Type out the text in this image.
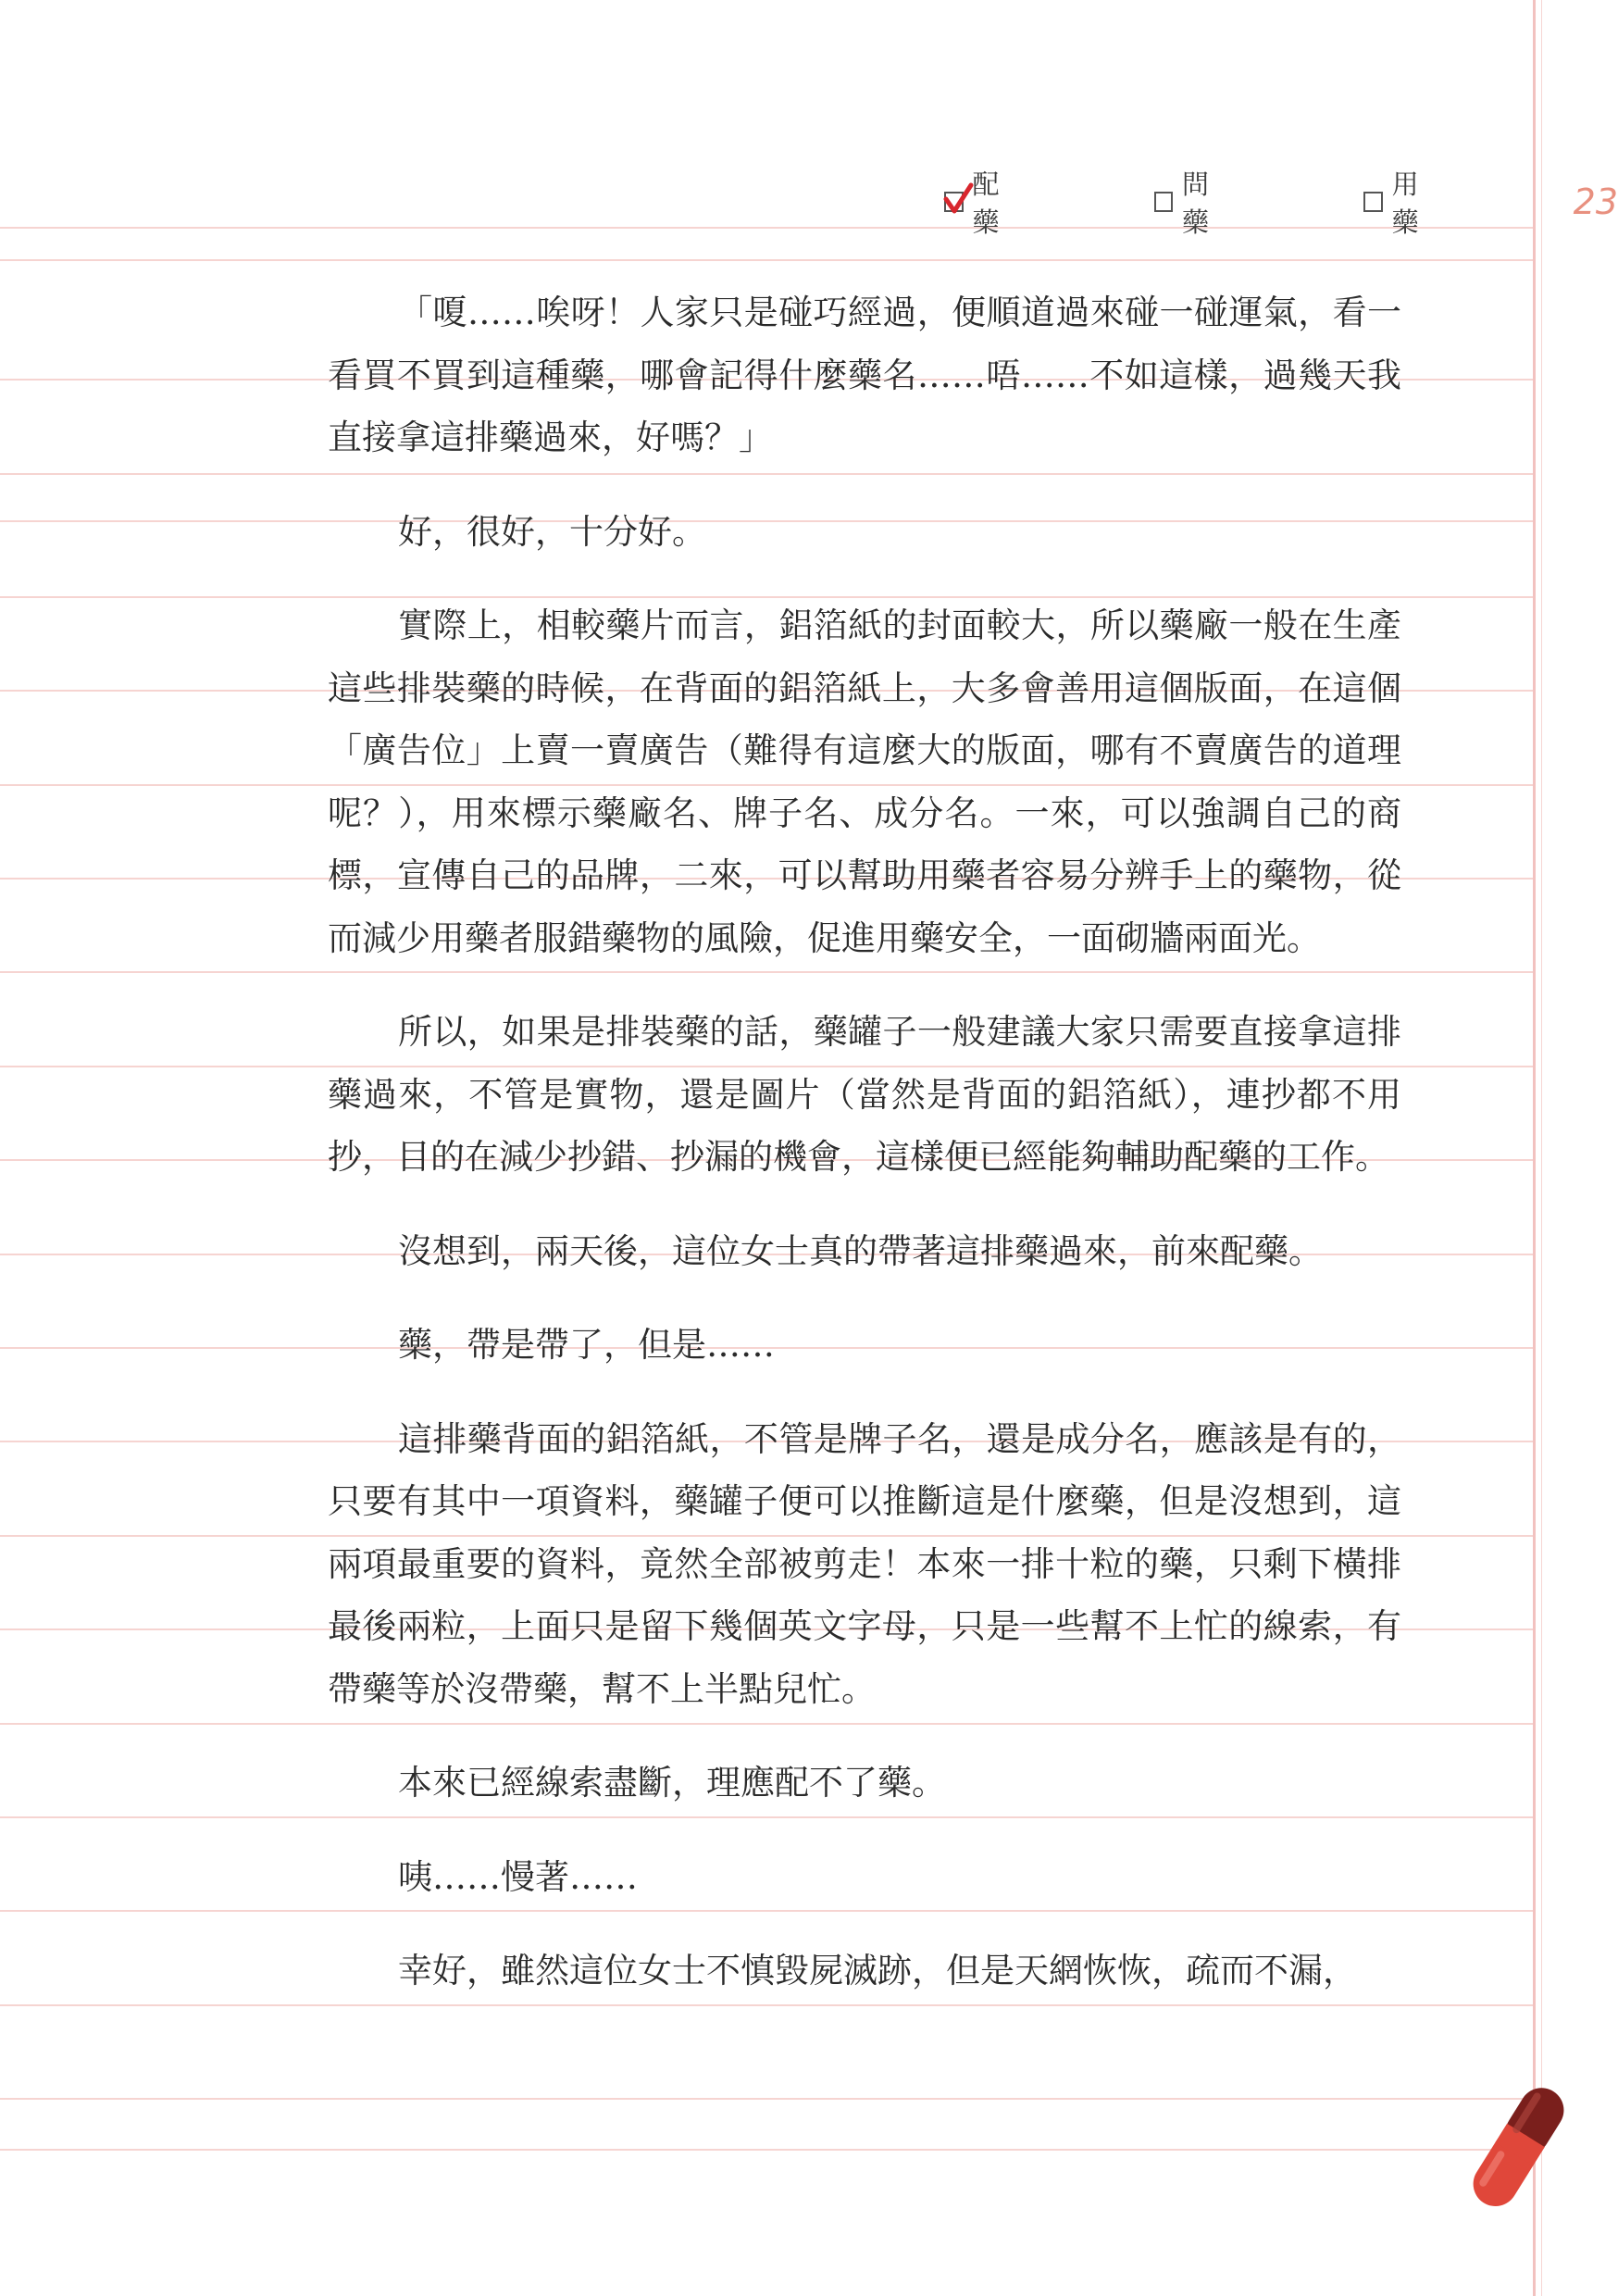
配 藥
問 藥
用 藥	23

「嗄……唉呀！人家只是碰巧經過，便順道過來碰一碰運氣，看一看買不買到這種藥，哪會記得什麼藥名……唔……不如這樣，過幾天我直接拿這排藥過來，好嗎？」

好，很好，十分好。

實際上，相較藥片而言，鋁箔紙的封面較大，所以藥廠一般在生產這些排裝藥的時候，在背面的鋁箔紙上，大多會善用這個版面，在這個「廣告位」上賣一賣廣告（難得有這麼大的版面，哪有不賣廣告的道理呢？），用來標示藥廠名、牌子名、成分名。一來，可以強調自己的商標，宣傳自己的品牌，二來，可以幫助用藥者容易分辨手上的藥物，從而減少用藥者服錯藥物的風險，促進用藥安全，一面砌牆兩面光。

所以，如果是排裝藥的話，藥罐子一般建議大家只需要直接拿這排藥過來，不管是實物，還是圖片（當然是背面的鋁箔紙），連抄都不用抄，目的在減少抄錯、抄漏的機會，這樣便已經能夠輔助配藥的工作。

沒想到，兩天後，這位女士真的帶著這排藥過來，前來配藥。

藥，帶是帶了，但是……

這排藥背面的鋁箔紙，不管是牌子名，還是成分名，應該是有的，只要有其中一項資料，藥罐子便可以推斷這是什麼藥，但是沒想到，這兩項最重要的資料，竟然全部被剪走！本來一排十粒的藥，只剩下橫排最後兩粒，上面只是留下幾個英文字母，只是一些幫不上忙的線索，有帶藥等於沒帶藥，幫不上半點兒忙。

本來已經線索盡斷，理應配不了藥。

咦……慢著……

幸好，雖然這位女士不慎毀屍滅跡，但是天網恢恢，疏而不漏，
